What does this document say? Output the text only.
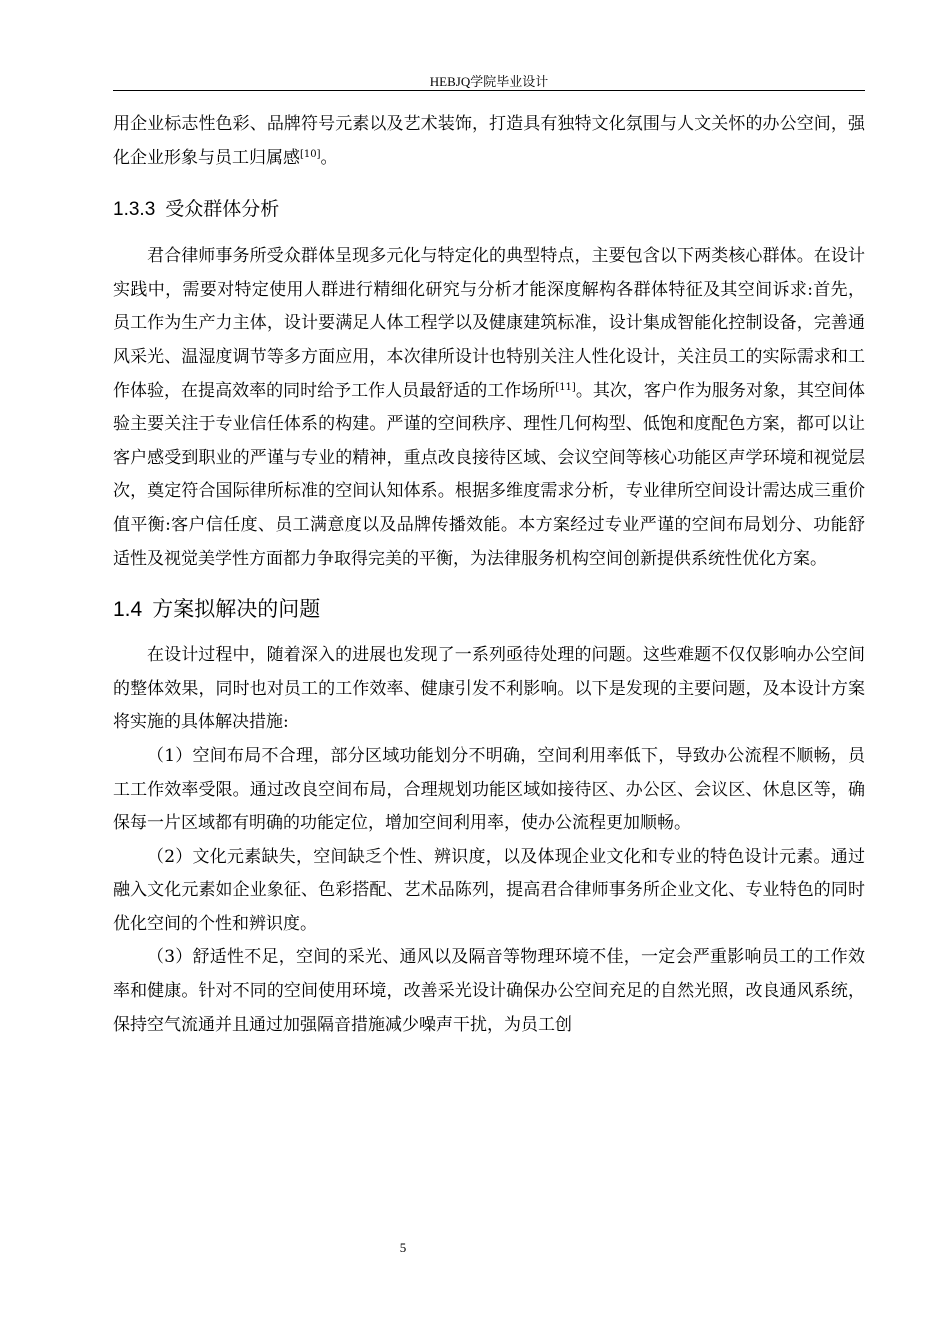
HEBJQ学院毕业设计

用企业标志性色彩、品牌符号元素以及艺术装饰，打造具有独特文化氛围与人文关怀的办公空间，强化企业形象与员工归属感[10]。

1.3.3 受众群体分析

君合律师事务所受众群体呈现多元化与特定化的典型特点，主要包含以下两类核心群体。在设计实践中，需要对特定使用人群进行精细化研究与分析才能深度解构各群体特征及其空间诉求:首先，员工作为生产力主体，设计要满足人体工程学以及健康建筑标准，设计集成智能化控制设备，完善通风采光、温湿度调节等多方面应用，本次律所设计也特别关注人性化设计，关注员工的实际需求和工作体验，在提高效率的同时给予工作人员最舒适的工作场所[11]。其次，客户作为服务对象，其空间体验主要关注于专业信任体系的构建。严谨的空间秩序、理性几何构型、低饱和度配色方案，都可以让客户感受到职业的严谨与专业的精神，重点改良接待区域、会议空间等核心功能区声学环境和视觉层次，奠定符合国际律所标准的空间认知体系。根据多维度需求分析，专业律所空间设计需达成三重价值平衡:客户信任度、员工满意度以及品牌传播效能。本方案经过专业严谨的空间布局划分、功能舒适性及视觉美学性方面都力争取得完美的平衡，为法律服务机构空间创新提供系统性优化方案。

1.4 方案拟解决的问题

在设计过程中，随着深入的进展也发现了一系列亟待处理的问题。这些难题不仅仅影响办公空间的整体效果，同时也对员工的工作效率、健康引发不利影响。以下是发现的主要问题，及本设计方案将实施的具体解决措施:

（1）空间布局不合理，部分区域功能划分不明确，空间利用率低下，导致办公流程不顺畅，员工工作效率受限。通过改良空间布局，合理规划功能区域如接待区、办公区、会议区、休息区等，确保每一片区域都有明确的功能定位，增加空间利用率，使办公流程更加顺畅。

（2）文化元素缺失，空间缺乏个性、辨识度，以及体现企业文化和专业的特色设计元素。通过融入文化元素如企业象征、色彩搭配、艺术品陈列，提高君合律师事务所企业文化、专业特色的同时优化空间的个性和辨识度。

（3）舒适性不足，空间的采光、通风以及隔音等物理环境不佳，一定会严重影响员工的工作效率和健康。针对不同的空间使用环境，改善采光设计确保办公空间充足的自然光照，改良通风系统，保持空气流通并且通过加强隔音措施减少噪声干扰，为员工创

5
